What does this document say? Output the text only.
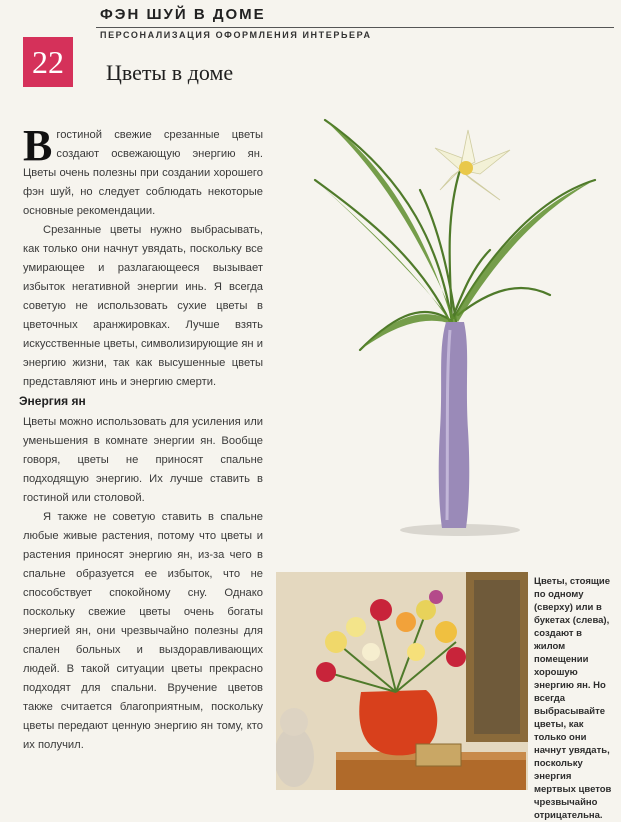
ФЭН ШУЙ В ДОМЕ
ПЕРСОНАЛИЗАЦИЯ ОФОРМЛЕНИЯ ИНТЕРЬЕРА
22	Цветы в доме

В гостиной свежие срезанные цветы создают освежающую энергию ян. Цветы очень полезны при создании хорошего фэн шуй, но следует соблюдать некоторые основные рекомендации.

Срезанные цветы нужно выбрасывать, как только они начнут увядать, поскольку все умирающее и разлагающееся вызывает избыток негативной энергии инь. Я всегда советую не использовать сухие цветы в цветочных аранжировках. Лучше взять искусственные цветы, символизирующие ян и энергию жизни, так как высушенные цветы представляют инь и энергию смерти.

Энергия ян

Цветы можно использовать для усиления или уменьшения в комнате энергии ян. Вообще говоря, цветы не приносят спальне подходящую энергию. Их лучше ставить в гостиной или столовой.

Я также не советую ставить в спальне любые живые растения, потому что цветы и растения приносят энергию ян, из-за чего в спальне образуется ее избыток, что не способствует спокойному сну. Однако поскольку свежие цветы очень богаты энергией ян, они чрезвычайно полезны для спален больных и выздоравливающих людей. В такой ситуации цветы прекрасно подходят для спальни. Вручение цветов также считается благоприятным, поскольку цветы передают ценную энергию ян тому, кто их получил.

Цветы, стоящие по одному (сверху) или в букетах (слева), создают в жилом помещении хорошую энергию ян. Но всегда выбрасывайте цветы, как только они начнут увядать, поскольку энергия мертвых цветов чрезвычайно отрицательна.
